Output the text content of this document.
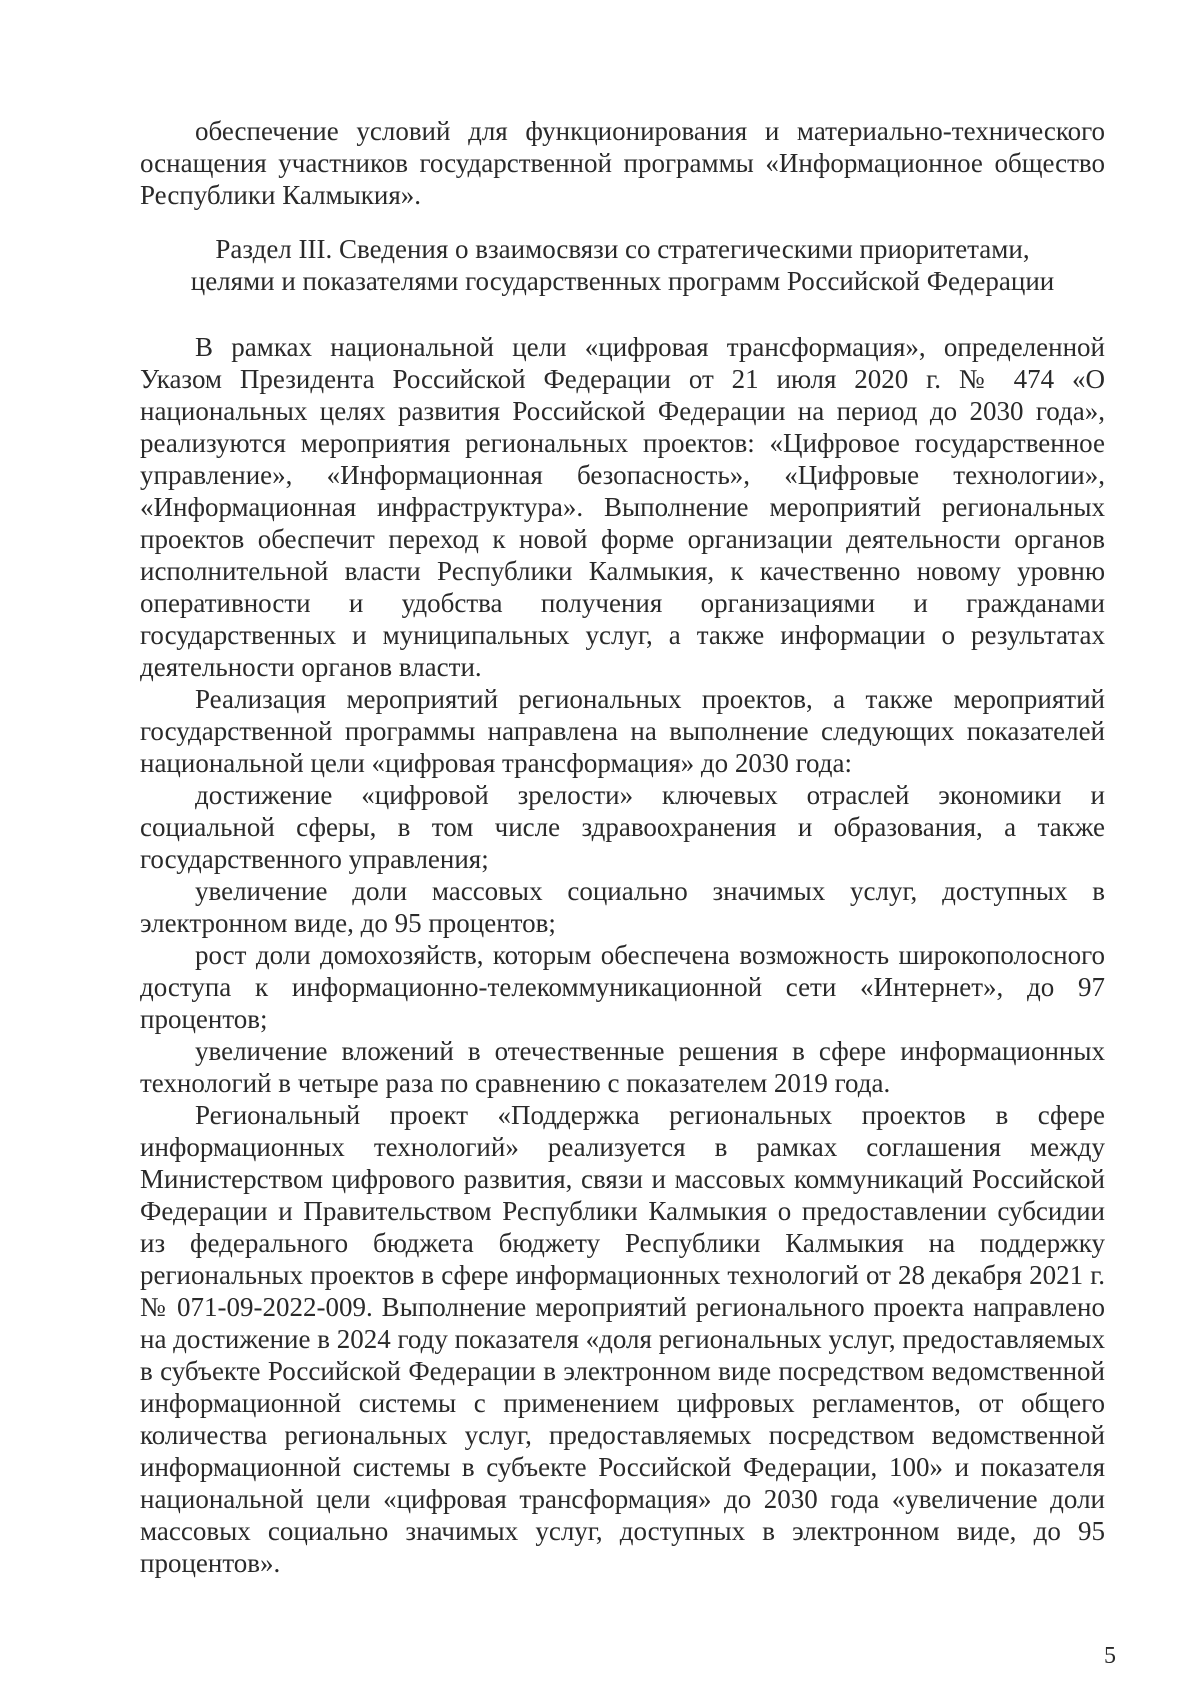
обеспечение условий для функционирования и материально-технического оснащения участников государственной программы «Информационное общество Республики Калмыкия».

Раздел III. Сведения о взаимосвязи со стратегическими приоритетами,
целями и показателями государственных программ Российской Федерации

В рамках национальной цели «цифровая трансформация», определенной Указом Президента Российской Федерации от 21 июля 2020 г. № 474 «О национальных целях развития Российской Федерации на период до 2030 года», реализуются мероприятия региональных проектов: «Цифровое государственное управление», «Информационная безопасность», «Цифровые технологии», «Информационная инфраструктура». Выполнение мероприятий региональных проектов обеспечит переход к новой форме организации деятельности органов исполнительной власти Республики Калмыкия, к качественно новому уровню оперативности и удобства получения организациями и гражданами государственных и муниципальных услуг, а также информации о результатах деятельности органов власти.

Реализация мероприятий региональных проектов, а также мероприятий государственной программы направлена на выполнение следующих показателей национальной цели «цифровая трансформация» до 2030 года:

достижение «цифровой зрелости» ключевых отраслей экономики и социальной сферы, в том числе здравоохранения и образования, а также государственного управления;

увеличение доли массовых социально значимых услуг, доступных в электронном виде, до 95 процентов;

рост доли домохозяйств, которым обеспечена возможность широкополосного доступа к информационно-телекоммуникационной сети «Интернет», до 97 процентов;

увеличение вложений в отечественные решения в сфере информационных технологий в четыре раза по сравнению с показателем 2019 года.

Региональный проект «Поддержка региональных проектов в сфере информационных технологий» реализуется в рамках соглашения между Министерством цифрового развития, связи и массовых коммуникаций Российской Федерации и Правительством Республики Калмыкия о предоставлении субсидии из федерального бюджета бюджету Республики Калмыкия на поддержку региональных проектов в сфере информационных технологий от 28 декабря 2021 г. № 071-09-2022-009. Выполнение мероприятий регионального проекта направлено на достижение в 2024 году показателя «доля региональных услуг, предоставляемых в субъекте Российской Федерации в электронном виде посредством ведомственной информационной системы с применением цифровых регламентов, от общего количества региональных услуг, предоставляемых посредством ведомственной информационной системы в субъекте Российской Федерации, 100» и показателя национальной цели «цифровая трансформация» до 2030 года «увеличение доли массовых социально значимых услуг, доступных в электронном виде, до 95 процентов».

5
